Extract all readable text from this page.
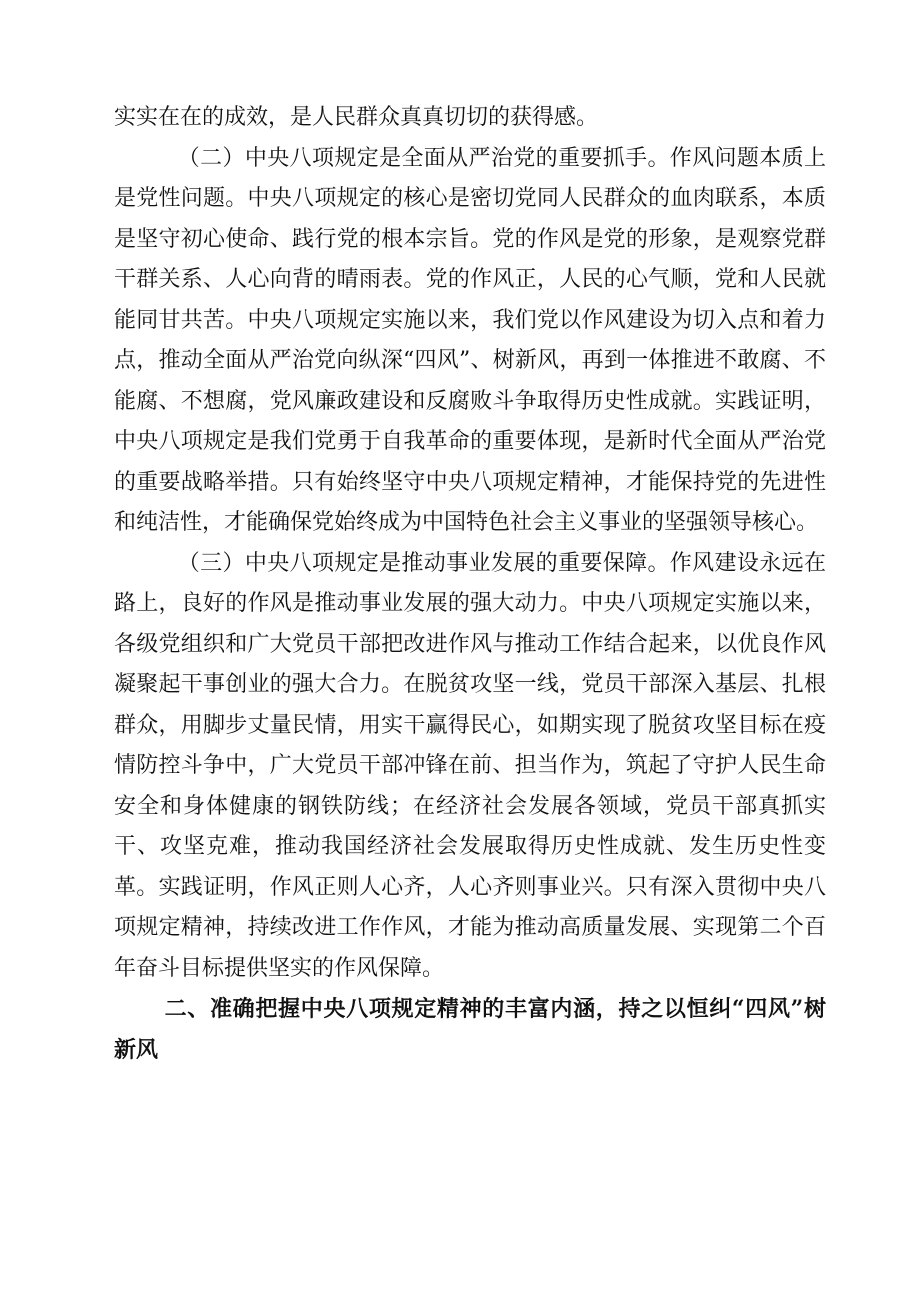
实实在在的成效，是人民群众真真切切的获得感。

（二）中央八项规定是全面从严治党的重要抓手。作风问题本质上是党性问题。中央八项规定的核心是密切党同人民群众的血肉联系，本质是坚守初心使命、践行党的根本宗旨。党的作风是党的形象，是观察党群干群关系、人心向背的晴雨表。党的作风正，人民的心气顺，党和人民就能同甘共苦。中央八项规定实施以来，我们党以作风建设为切入点和着力点，推动全面从严治党向纵深“四风”、树新风，再到一体推进不敢腐、不能腐、不想腐，党风廉政建设和反腐败斗争取得历史性成就。实践证明，中央八项规定是我们党勇于自我革命的重要体现，是新时代全面从严治党的重要战略举措。只有始终坚守中央八项规定精神，才能保持党的先进性和纯洁性，才能确保党始终成为中国特色社会主义事业的坚强领导核心。

（三）中央八项规定是推动事业发展的重要保障。作风建设永远在路上，良好的作风是推动事业发展的强大动力。中央八项规定实施以来，各级党组织和广大党员干部把改进作风与推动工作结合起来，以优良作风凝聚起干事创业的强大合力。在脱贫攻坚一线，党员干部深入基层、扎根群众，用脚步丈量民情，用实干赢得民心，如期实现了脱贫攻坚目标在疫情防控斗争中，广大党员干部冲锋在前、担当作为，筑起了守护人民生命安全和身体健康的钢铁防线；在经济社会发展各领域，党员干部真抓实干、攻坚克难，推动我国经济社会发展取得历史性成就、发生历史性变革。实践证明，作风正则人心齐，人心齐则事业兴。只有深入贯彻中央八项规定精神，持续改进工作作风，才能为推动高质量发展、实现第二个百年奋斗目标提供坚实的作风保障。

二、准确把握中央八项规定精神的丰富内涵，持之以恒纠“四风”树新风
